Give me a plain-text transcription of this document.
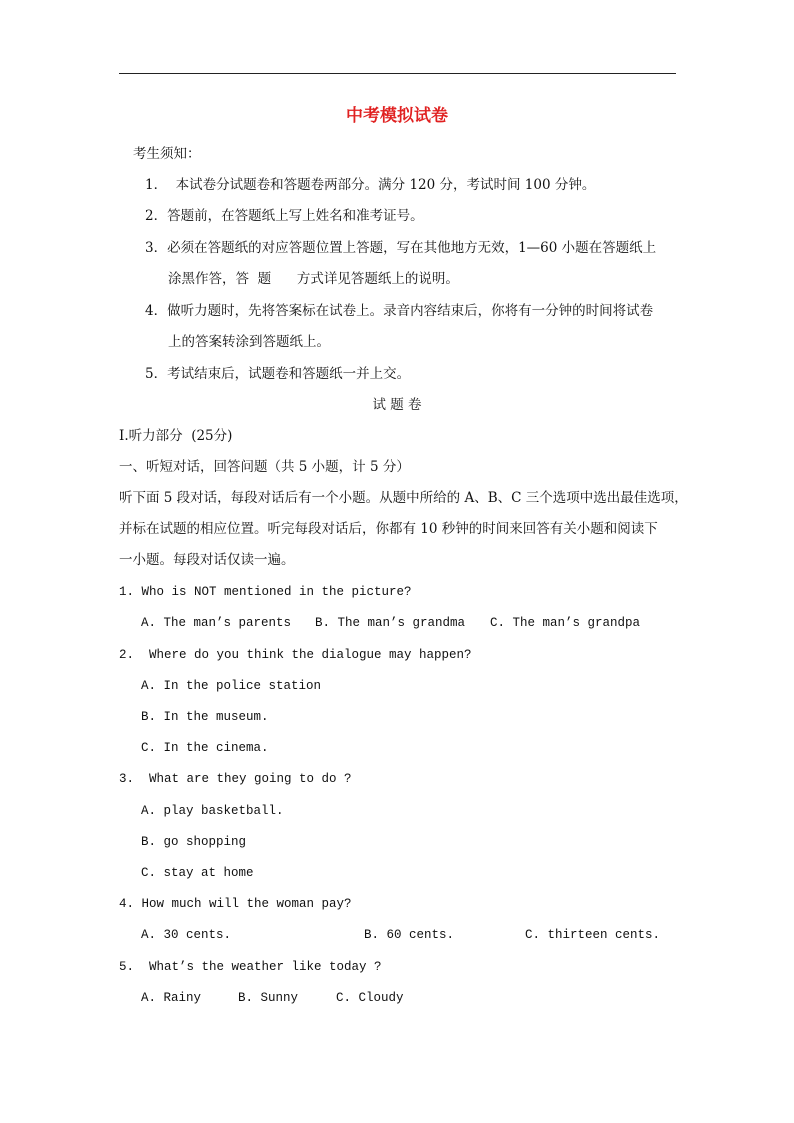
中考模拟试卷
考生须知：
1．  本试卷分试题卷和答题卷两部分。满分 120 分，考试时间 100 分钟。
2．答题前，在答题纸上写上姓名和准考证号。
3．必须在答题纸的对应答题位置上答题，写在其他地方无效，1—60 小题在答题纸上
涂黑作答，答  题      方式详见答题纸上的说明。
4．做听力题时，先将答案标在试卷上。录音内容结束后，你将有一分钟的时间将试卷
上的答案转涂到答题纸上。
5．考试结束后，试题卷和答题纸一并上交。
试 题 卷
Ⅰ.听力部分  (25分)
一、听短对话，回答问题（共 5 小题，计 5 分）
听下面 5 段对话，每段对话后有一个小题。从题中所给的 A、B、C 三个选项中选出最佳选项，
并标在试题的相应位置。听完每段对话后，你都有 10 秒钟的时间来回答有关小题和阅读下
一小题。每段对话仅读一遍。
1. Who is NOT mentioned in the picture?
A. The man’s parents B. The man’s grandma C. The man’s grandpa
2.  Where do you think the dialogue may happen?
A. In the police station
B. In the museum.
C. In the cinema.
3.  What are they going to do ?
A. play basketball.
B. go shopping
C. stay at home
4. How much will the woman pay?
A. 30 cents.	B. 60 cents.	C. thirteen cents.
5.  What’s the weather like today ?
A. Rainy	B. Sunny	C. Cloudy
